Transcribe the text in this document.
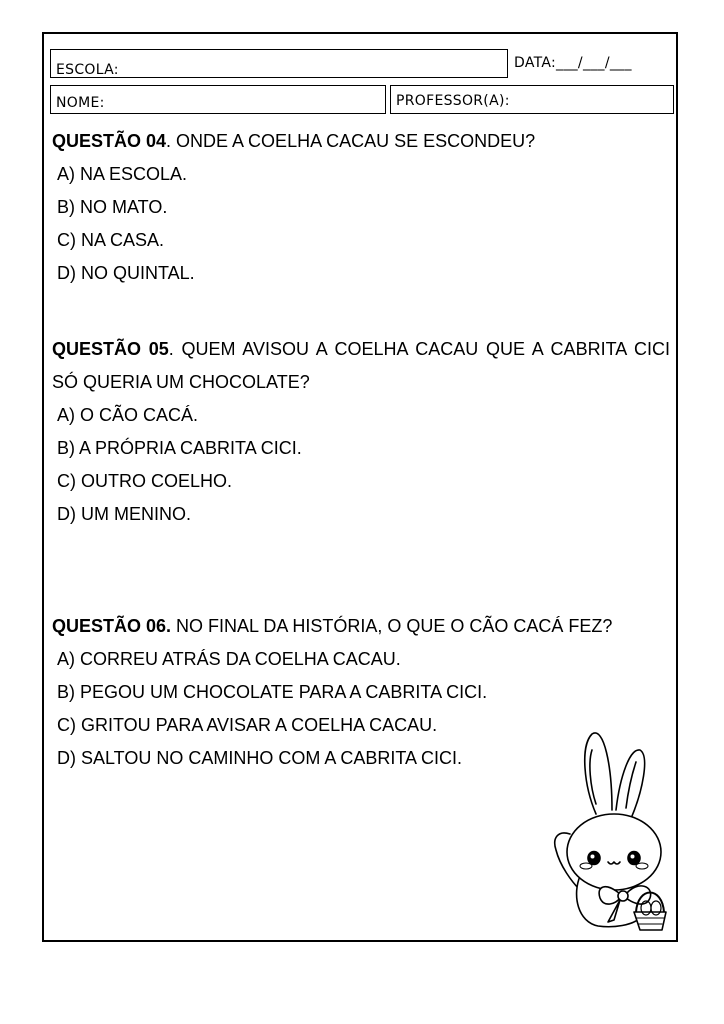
ESCOLA:	DATA:___/___/___
NOME:	PROFESSOR(A):
QUESTÃO 04. ONDE A COELHA CACAU SE ESCONDEU?
A) NA ESCOLA.
B) NO MATO.
C) NA CASA.
D) NO QUINTAL.
QUESTÃO 05. QUEM AVISOU A COELHA CACAU QUE A CABRITA CICI SÓ QUERIA UM CHOCOLATE?
A) O CÃO CACÁ.
B) A PRÓPRIA CABRITA CICI.
C) OUTRO COELHO.
D) UM MENINO.
QUESTÃO 06. NO FINAL DA HISTÓRIA, O QUE O CÃO CACÁ FEZ?
A) CORREU ATRÁS DA COELHA CACAU.
B) PEGOU UM CHOCOLATE PARA A CABRITA CICI.
C) GRITOU PARA AVISAR A COELHA CACAU.
D) SALTOU NO CAMINHO COM A CABRITA CICI.
